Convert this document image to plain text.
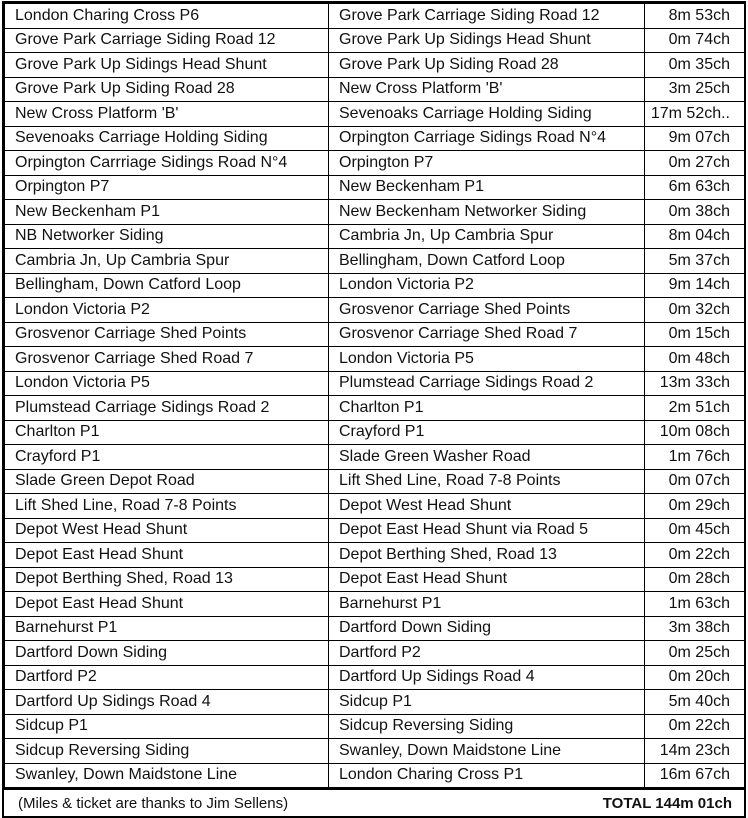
London Charing Cross P6	Grove Park Carriage Siding Road 12	8m 53ch
Grove Park Carriage Siding Road 12	Grove Park Up Sidings Head Shunt	0m 74ch
Grove Park Up Sidings Head Shunt	Grove Park Up Siding Road 28	0m 35ch
Grove Park Up Siding Road 28	New Cross Platform 'B'	3m 25ch
New Cross Platform 'B'	Sevenoaks Carriage Holding Siding	17m 52ch..
Sevenoaks Carriage Holding Siding	Orpington Carriage Sidings Road N°4	9m 07ch
Orpington Carrriage Sidings Road N°4	Orpington P7	0m 27ch
Orpington P7	New Beckenham P1	6m 63ch
New Beckenham P1	New Beckenham Networker Siding	0m 38ch
NB Networker Siding	Cambria Jn, Up Cambria Spur	8m 04ch
Cambria Jn, Up Cambria Spur	Bellingham, Down Catford Loop	5m 37ch
Bellingham, Down Catford Loop	London Victoria P2	9m 14ch
London Victoria P2	Grosvenor Carriage Shed Points	0m 32ch
Grosvenor Carriage Shed Points	Grosvenor Carriage Shed Road 7	0m 15ch
Grosvenor Carriage Shed Road 7	London Victoria P5	0m 48ch
London Victoria P5	Plumstead Carriage Sidings Road 2	13m 33ch
Plumstead Carriage Sidings Road 2	Charlton P1	2m 51ch
Charlton P1	Crayford P1	10m 08ch
Crayford P1	Slade Green Washer Road	1m 76ch
Slade Green Depot Road	Lift Shed Line, Road 7-8 Points	0m 07ch
Lift Shed Line, Road 7-8 Points	Depot West Head Shunt	0m 29ch
Depot West Head Shunt	Depot East Head Shunt via Road 5	0m 45ch
Depot East Head Shunt	Depot Berthing Shed, Road 13	0m 22ch
Depot Berthing Shed, Road 13	Depot East Head Shunt	0m 28ch
Depot East Head Shunt	Barnehurst P1	1m 63ch
Barnehurst P1	Dartford Down Siding	3m 38ch
Dartford Down Siding	Dartford P2	0m 25ch
Dartford P2	Dartford Up Sidings Road 4	0m 20ch
Dartford Up Sidings Road 4	Sidcup P1	5m 40ch
Sidcup P1	Sidcup Reversing Siding	0m 22ch
Sidcup Reversing Siding	Swanley, Down Maidstone Line	14m 23ch
Swanley, Down Maidstone Line	London Charing Cross P1	16m 67ch
(Miles & ticket are thanks to Jim Sellens)	TOTAL 144m 01ch
